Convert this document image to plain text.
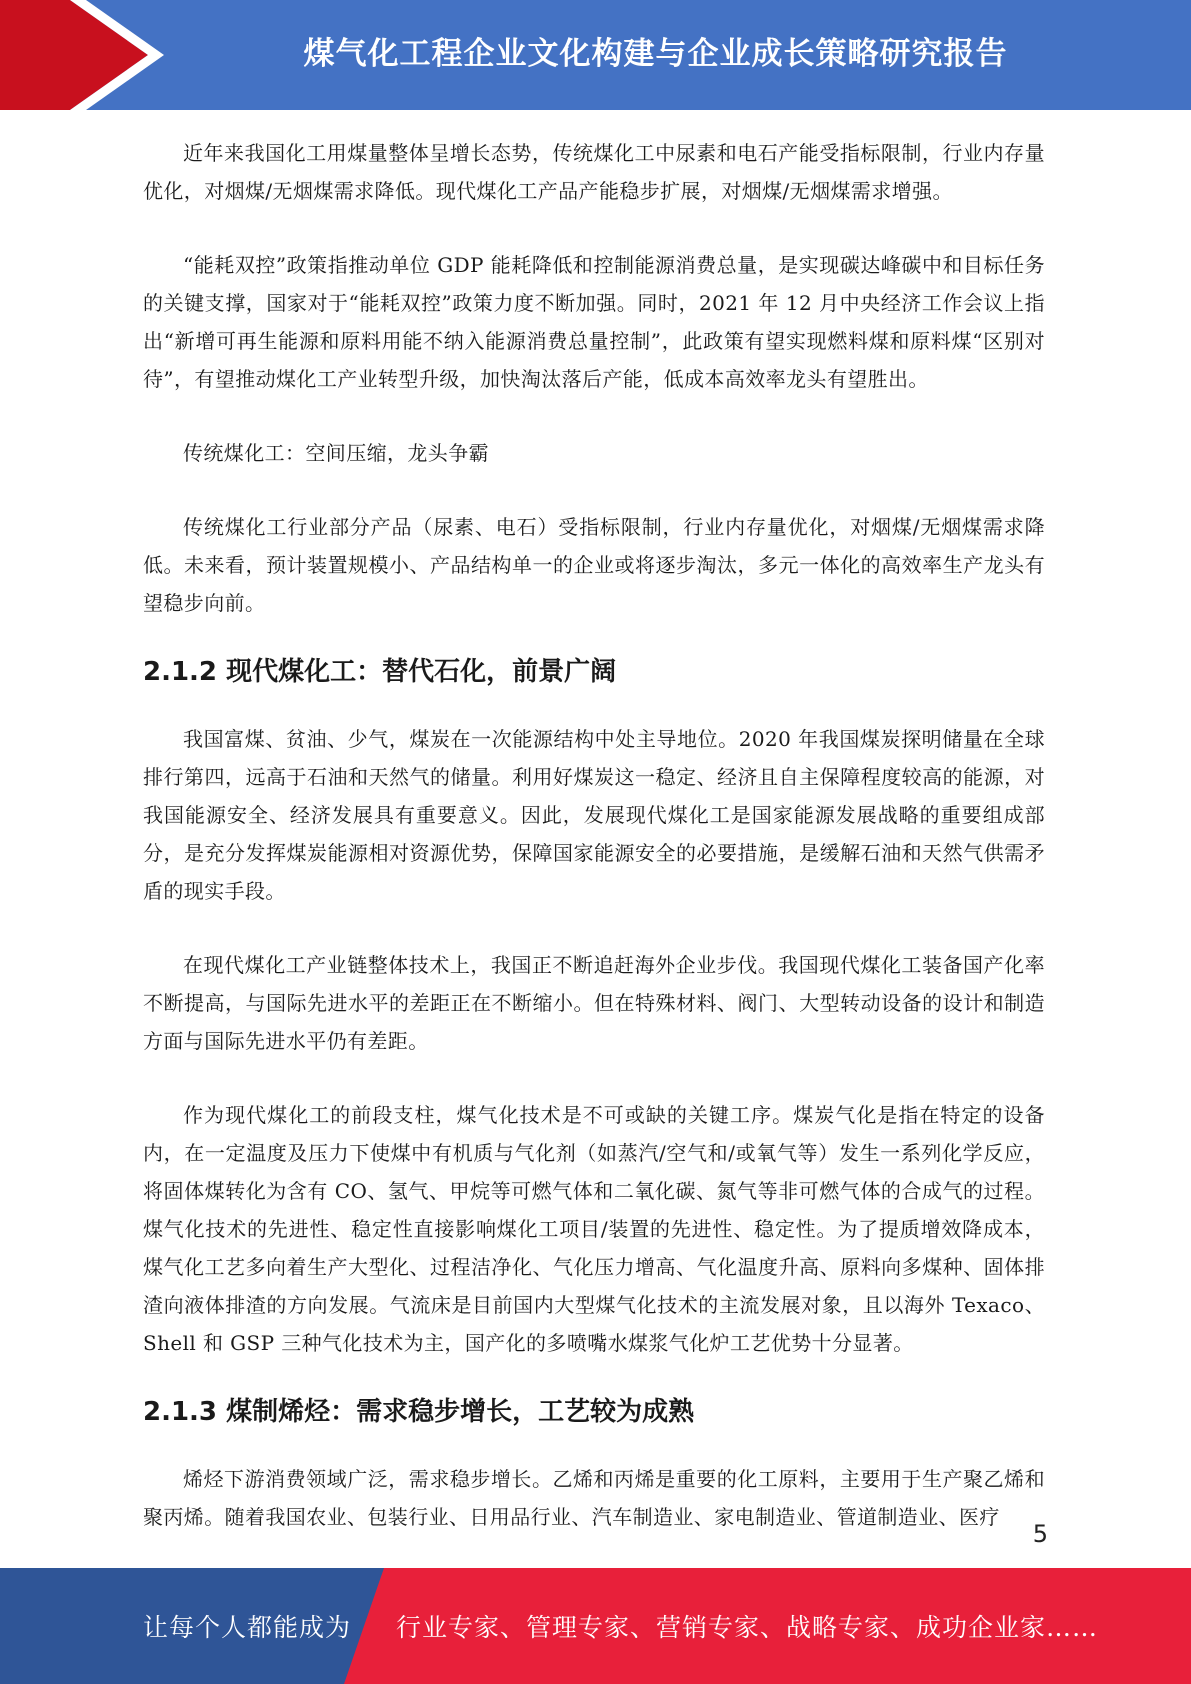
煤气化工程企业文化构建与企业成长策略研究报告

近年来我国化工用煤量整体呈增长态势，传统煤化工中尿素和电石产能受指标限制，行业内存量优化，对烟煤/无烟煤需求降低。现代煤化工产品产能稳步扩展，对烟煤/无烟煤需求增强。

“能耗双控”政策指推动单位 GDP 能耗降低和控制能源消费总量，是实现碳达峰碳中和目标任务的关键支撑，国家对于“能耗双控”政策力度不断加强。同时，2021 年 12 月中央经济工作会议上指出“新增可再生能源和原料用能不纳入能源消费总量控制”，此政策有望实现燃料煤和原料煤“区别对待”，有望推动煤化工产业转型升级，加快淘汰落后产能，低成本高效率龙头有望胜出。

传统煤化工：空间压缩，龙头争霸

传统煤化工行业部分产品（尿素、电石）受指标限制，行业内存量优化，对烟煤/无烟煤需求降低。未来看，预计装置规模小、产品结构单一的企业或将逐步淘汰，多元一体化的高效率生产龙头有望稳步向前。

2.1.2 现代煤化工：替代石化，前景广阔

我国富煤、贫油、少气，煤炭在一次能源结构中处主导地位。2020 年我国煤炭探明储量在全球排行第四，远高于石油和天然气的储量。利用好煤炭这一稳定、经济且自主保障程度较高的能源，对我国能源安全、经济发展具有重要意义。因此，发展现代煤化工是国家能源发展战略的重要组成部分，是充分发挥煤炭能源相对资源优势，保障国家能源安全的必要措施，是缓解石油和天然气供需矛盾的现实手段。

在现代煤化工产业链整体技术上，我国正不断追赶海外企业步伐。我国现代煤化工装备国产化率不断提高，与国际先进水平的差距正在不断缩小。但在特殊材料、阀门、大型转动设备的设计和制造方面与国际先进水平仍有差距。

作为现代煤化工的前段支柱，煤气化技术是不可或缺的关键工序。煤炭气化是指在特定的设备内，在一定温度及压力下使煤中有机质与气化剂（如蒸汽/空气和/或氧气等）发生一系列化学反应，将固体煤转化为含有 CO、氢气、甲烷等可燃气体和二氧化碳、氮气等非可燃气体的合成气的过程。煤气化技术的先进性、稳定性直接影响煤化工项目/装置的先进性、稳定性。为了提质增效降成本，煤气化工艺多向着生产大型化、过程洁净化、气化压力增高、气化温度升高、原料向多煤种、固体排渣向液体排渣的方向发展。气流床是目前国内大型煤气化技术的主流发展对象，且以海外 Texaco、Shell 和 GSP 三种气化技术为主，国产化的多喷嘴水煤浆气化炉工艺优势十分显著。

2.1.3 煤制烯烃：需求稳步增长，工艺较为成熟

烯烃下游消费领域广泛，需求稳步增长。乙烯和丙烯是重要的化工原料，主要用于生产聚乙烯和聚丙烯。随着我国农业、包装行业、日用品行业、汽车制造业、家电制造业、管道制造业、医疗

5
让每个人都能成为 行业专家、管理专家、营销专家、战略专家、成功企业家……
